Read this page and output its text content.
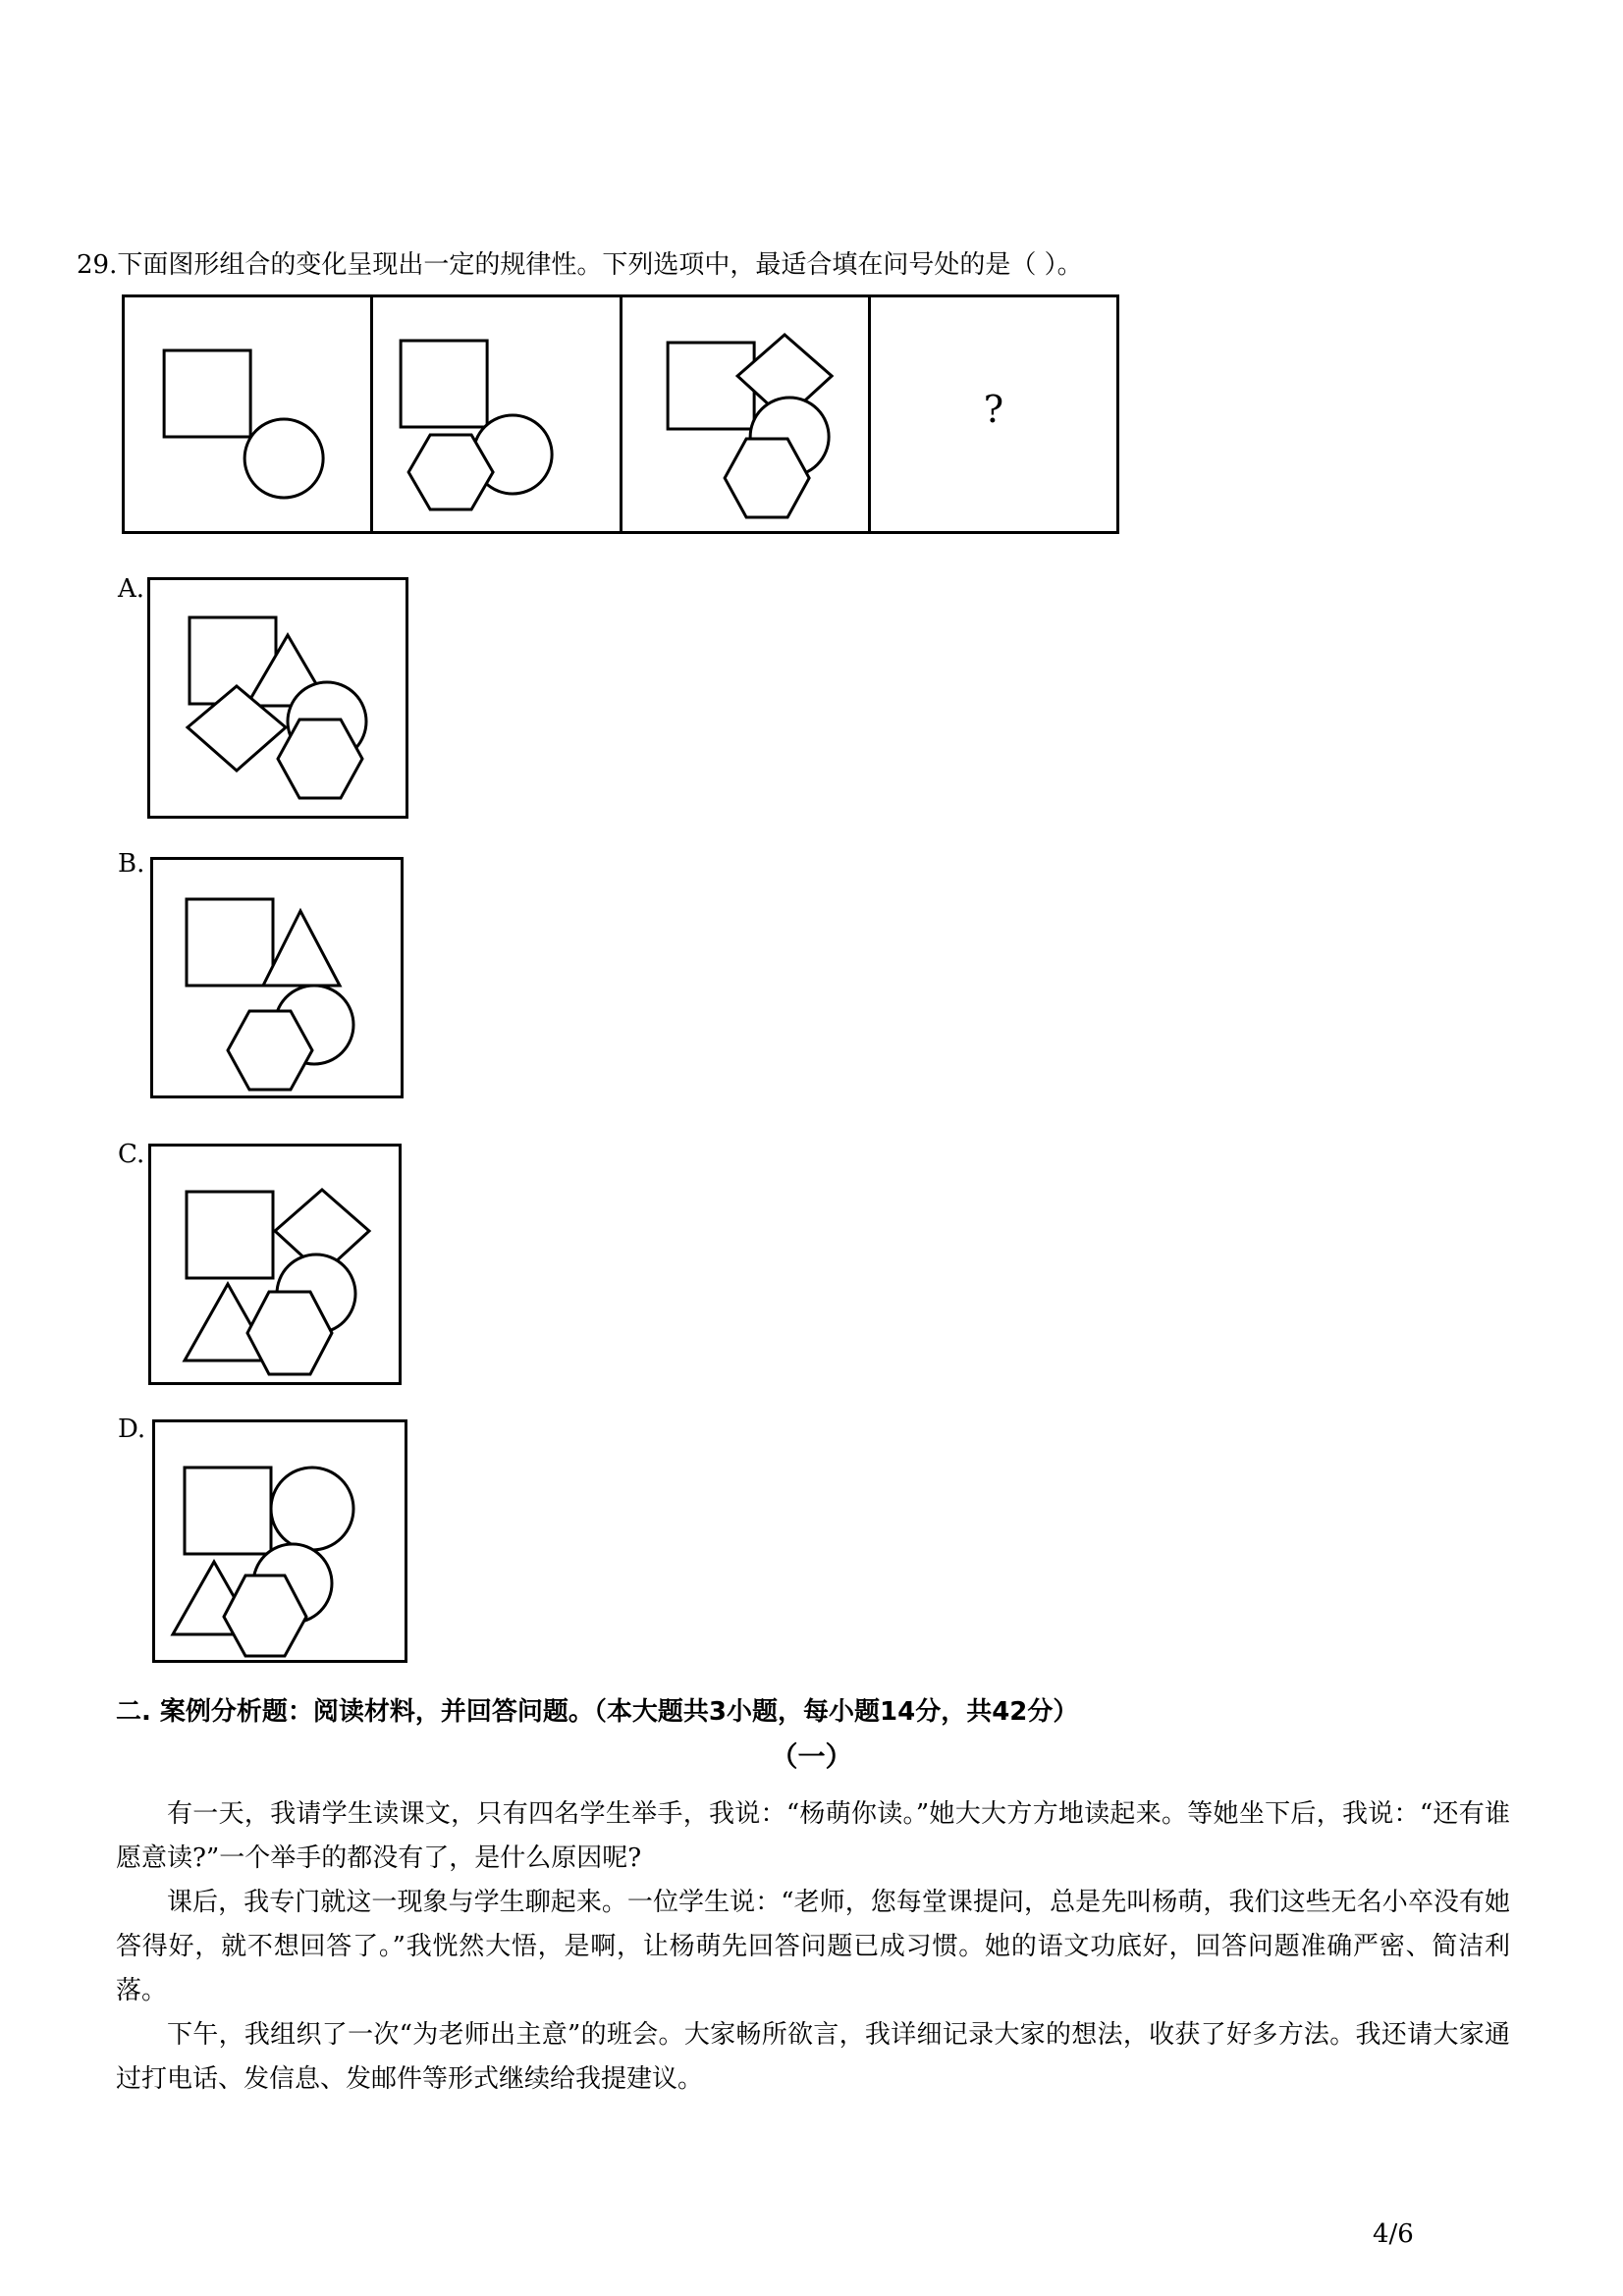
29.下面图形组合的变化呈现出一定的规律性。下列选项中，最适合填在问号处的是（ ）。
?
A.
B.
C.
D.
二. 案例分析题：阅读材料，并回答问题。（本大题共3小题，每小题14分，共42分）
（一）

有一天，我请学生读课文，只有四名学生举手，我说：“杨萌你读。”她大大方方地读起来。等她坐下后，我说：“还有谁愿意读?”一个举手的都没有了，是什么原因呢?

课后，我专门就这一现象与学生聊起来。一位学生说：“老师，您每堂课提问，总是先叫杨萌，我们这些无名小卒没有她答得好，就不想回答了。”我恍然大悟，是啊，让杨萌先回答问题已成习惯。她的语文功底好，回答问题准确严密、简洁利落。

下午，我组织了一次“为老师出主意”的班会。大家畅所欲言，我详细记录大家的想法，收获了好多方法。我还请大家通过打电话、发信息、发邮件等形式继续给我提建议。

4/6
